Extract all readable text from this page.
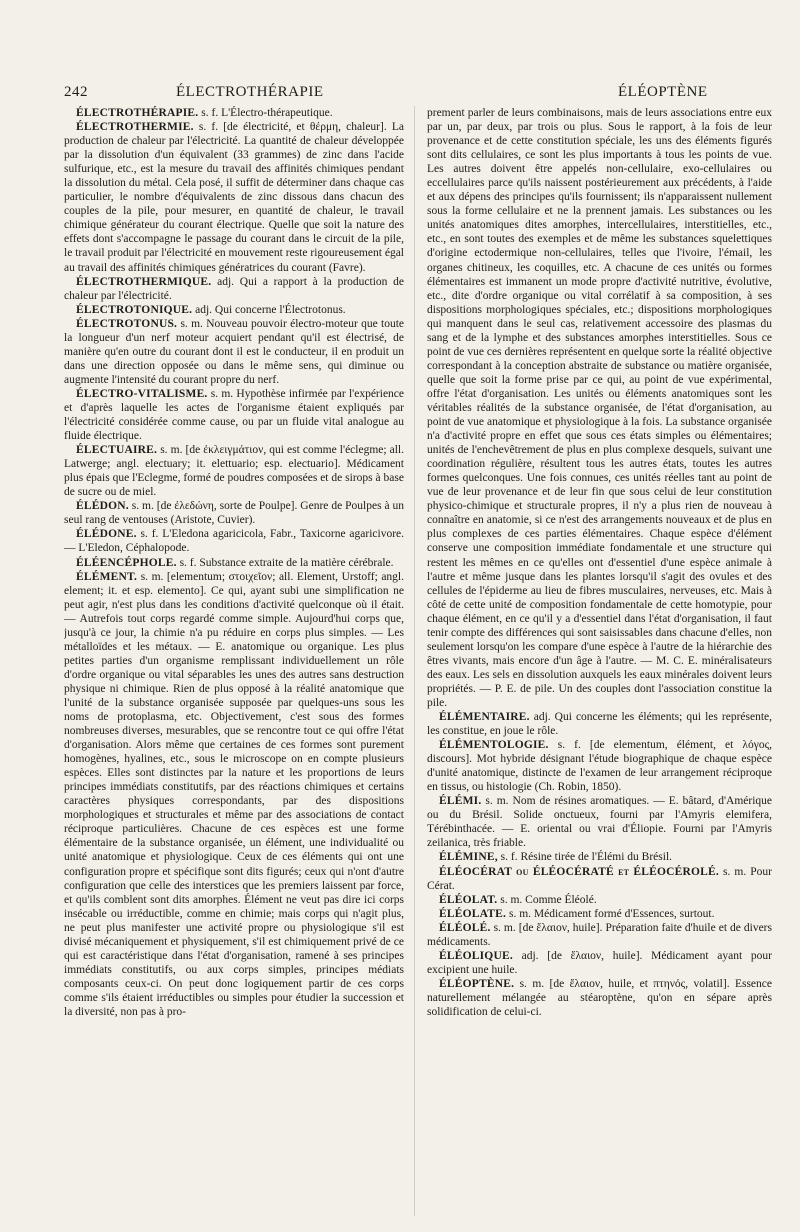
242	ÉLECTROTHÉRAPIE	ÉLÉOPTÈNE

ÉLECTROTHÉRAPIE. s. f. L'Électro-thérapeutique.

ÉLECTROTHERMIE. s. f. [de électricité, et θέρμη, chaleur]. La production de chaleur par l'électricité. La quantité de chaleur développée par la dissolution d'un équivalent (33 grammes) de zinc dans l'acide sulfurique, etc., est la mesure du travail des affinités chimiques pendant la dissolution du métal. Cela posé, il suffit de déterminer dans chaque cas particulier, le nombre d'équivalents de zinc dissous dans chacun des couples de la pile, pour mesurer, en quantité de chaleur, le travail chimique générateur du courant électrique. Quelle que soit la nature des effets dont s'accompagne le passage du courant dans le circuit de la pile, le travail produit par l'électricité en mouvement reste rigoureusement égal au travail des affinités chimiques génératrices du courant (Favre).

ÉLECTROTHERMIQUE. adj. Qui a rapport à la production de chaleur par l'électricité.

ÉLECTROTONIQUE. adj. Qui concerne l'Électrotonus.

ÉLECTROTONUS. s. m. Nouveau pouvoir électro-moteur que toute la longueur d'un nerf moteur acquiert pendant qu'il est électrisé, de manière qu'en outre du courant dont il est le conducteur, il en produit un dans une direction opposée ou dans le même sens, qui diminue ou augmente l'intensité du courant propre du nerf.

ÉLECTRO-VITALISME. s. m. Hypothèse infirmée par l'expérience et d'après laquelle les actes de l'organisme étaient expliqués par l'électricité considérée comme cause, ou par un fluide vital analogue au fluide électrique.

ÉLECTUAIRE. s. m. [de ἐκλειγμάτιον, qui est comme l'éclegme; all. Latwerge; angl. electuary; it. elettuario; esp. electuario]. Médicament plus épais que l'Eclegme, formé de poudres composées et de sirops à base de sucre ou de miel.

ÉLÉDON. s. m. [de ἐλεδώνη, sorte de Poulpe]. Genre de Poulpes à un seul rang de ventouses (Aristote, Cuvier).

ÉLÉDONE. s. f. L'Eledona agaricicola, Fabr., Taxicorne agaricivore. — L'Eledon, Céphalopode.

ÉLÉENCÉPHOLE. s. f. Substance extraite de la matière cérébrale.

ÉLÉMENT. s. m. [elementum; στοιχεῖον; all. Element, Urstoff; angl. element; it. et esp. elemento]. Ce qui, ayant subi une simplification ne peut agir, n'est plus dans les conditions d'activité quelconque où il était. — Autrefois tout corps regardé comme simple. Aujourd'hui corps que, jusqu'à ce jour, la chimie n'a pu réduire en corps plus simples. — Les métalloïdes et les métaux. — E. anatomique ou organique. Les plus petites parties d'un organisme remplissant individuellement un rôle d'ordre organique ou vital séparables les unes des autres sans destruction physique ni chimique. Rien de plus opposé à la réalité anatomique que l'unité de la substance organisée supposée par quelques-uns sous les noms de protoplasma, etc. Objectivement, c'est sous des formes nombreuses diverses, mesurables, que se rencontre tout ce qui offre l'état d'organisation. Alors même que certaines de ces formes sont purement homogènes, hyalines, etc., sous le microscope on en compte plusieurs espèces. Elles sont distinctes par la nature et les proportions de leurs principes immédiats constitutifs, par des réactions chimiques et certains caractères physiques correspondants, par des dispositions morphologiques et structurales et même par des associations de contact réciproque particulières. Chacune de ces espèces est une forme élémentaire de la substance organisée, un élément, une individualité ou unité anatomique et physiologique. Ceux de ces éléments qui ont une configuration propre et spécifique sont dits figurés; ceux qui n'ont d'autre configuration que celle des interstices que les premiers laissent par force, et qu'ils comblent sont dits amorphes. Élément ne veut pas dire ici corps insécable ou irréductible, comme en chimie; mais corps qui n'agit plus, ne peut plus manifester une activité propre ou physiologique s'il est divisé mécaniquement et physiquement, s'il est chimiquement privé de ce qui est caractéristique dans l'état d'organisation, ramené à ses principes immédiats constitutifs, ou aux corps simples, principes médiats composants ceux-ci. On peut donc logiquement partir de ces corps comme s'ils étaient irréductibles ou simples pour étudier la succession et la diversité, non pas à pro-

prement parler de leurs combinaisons, mais de leurs associations entre eux par un, par deux, par trois ou plus. Sous le rapport, à la fois de leur provenance et de cette constitution spéciale, les uns des éléments figurés sont dits cellulaires, ce sont les plus importants à tous les points de vue. Les autres doivent être appelés non-cellulaire, exo-cellulaires ou eccellulaires parce qu'ils naissent postérieurement aux précédents, à l'aide et aux dépens des principes qu'ils fournissent; ils n'apparaissent nullement sous la forme cellulaire et ne la prennent jamais. Les substances ou les unités anatomiques dites amorphes, intercellulaires, interstitielles, etc., etc., en sont toutes des exemples et de même les substances squelettiques d'origine ectodermique non-cellulaires, telles que l'ivoire, l'émail, les organes chitineux, les coquilles, etc. A chacune de ces unités ou formes élémentaires est immanent un mode propre d'activité nutritive, évolutive, etc., dite d'ordre organique ou vital corrélatif à sa composition, à ses dispositions morphologiques spéciales, etc.; dispositions morphologiques qui manquent dans le seul cas, relativement accessoire des plasmas du sang et de la lymphe et des substances amorphes interstitielles. Sous ce point de vue ces dernières représentent en quelque sorte la réalité objective correspondant à la conception abstraite de substance ou matière organisée, quelle que soit la forme prise par ce qui, au point de vue expérimental, offre l'état d'organisation. Les unités ou éléments anatomiques sont les véritables réalités de la substance organisée, de l'état d'organisation, au point de vue anatomique et physiologique à la fois. La substance organisée n'a d'activité propre en effet que sous ces états simples ou élémentaires; unités de l'enchevêtrement de plus en plus complexe desquels, suivant une coordination régulière, résultent tous les autres états, toutes les autres formes quelconques. Une fois connues, ces unités réelles tant au point de vue de leur provenance et de leur fin que sous celui de leur constitution physico-chimique et structurale propres, il n'y a plus rien de nouveau à connaître en anatomie, si ce n'est des arrangements nouveaux et de plus en plus complexes de ces parties élémentaires. Chaque espèce d'élément conserve une composition immédiate fondamentale et une structure qui restent les mêmes en ce qu'elles ont d'essentiel d'une espèce animale à l'autre et même jusque dans les plantes lorsqu'il s'agit des ovules et des cellules de l'épiderme au lieu de fibres musculaires, nerveuses, etc. Mais à côté de cette unité de composition fondamentale de cette homotypie, pour chaque élément, en ce qu'il y a d'essentiel dans l'état d'organisation, il faut tenir compte des différences qui sont saisissables dans chacune d'elles, non seulement lorsqu'on les compare d'une espèce à l'autre de la hiérarchie des êtres vivants, mais encore d'un âge à l'autre. — M. C. E. minéralisateurs des eaux. Les sels en dissolution auxquels les eaux minérales doivent leurs propriétés. — P. E. de pile. Un des couples dont l'association constitue la pile.

ÉLÉMENTAIRE. adj. Qui concerne les éléments; qui les représente, les constitue, en joue le rôle.

ÉLÉMENTOLOGIE. s. f. [de elementum, élément, et λόγος, discours]. Mot hybride désignant l'étude biographique de chaque espèce d'unité anatomique, distincte de l'examen de leur arrangement réciproque en tissus, ou histologie (Ch. Robin, 1850).

ÉLÉMI. s. m. Nom de résines aromatiques. — E. bâtard, d'Amérique ou du Brésil. Solide onctueux, fourni par l'Amyris elemifera, Térébinthacée. — E. oriental ou vrai d'Éliopie. Fourni par l'Amyris zeilanica, très friable.

ÉLÉMINE, s. f. Résine tirée de l'Élémi du Brésil.

ÉLÉOCÉRAT ou ÉLÉOCÉRATÉ et ÉLÉOCÉROLÉ. s. m. Pour Cérat.

ÉLÉOLAT. s. m. Comme Éléolé.

ÉLÉOLATE. s. m. Médicament formé d'Essences, surtout.

ÉLÉOLÉ. s. m. [de ἔλαιον, huile]. Préparation faite d'huile et de divers médicaments.

ÉLÉOLIQUE. adj. [de ἔλαιον, huile]. Médicament ayant pour excipient une huile.

ÉLÉOPTÈNE. s. m. [de ἔλαιον, huile, et πτηνός, volatil]. Essence naturellement mélangée au stéaroptène, qu'on en sépare après solidification de celui-ci.
